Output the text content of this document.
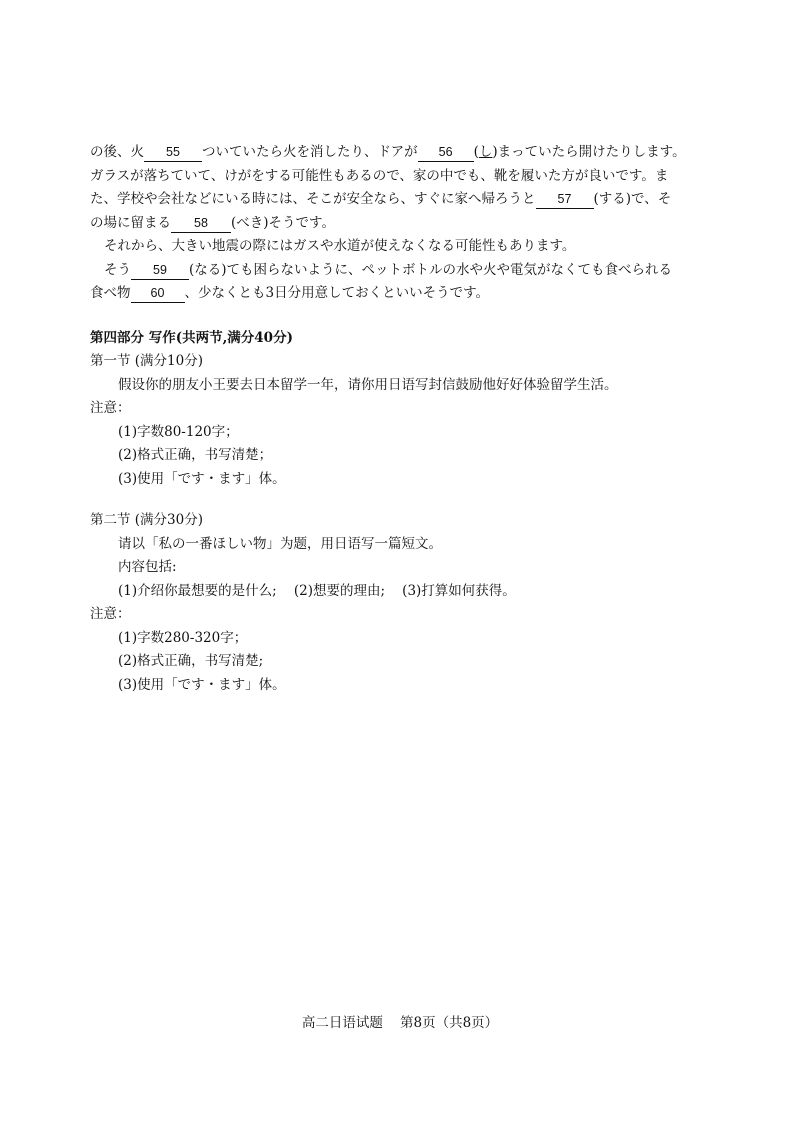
の後、火 55 ついていたら火を消したり、ドアが 56 (し)まっていたら開けたりします。
ガラスが落ちていて、けがをする可能性もあるので、家の中でも、靴を履いた方が良いです。ま
た、学校や会社などにいる時には、そこが安全なら、すぐに家へ帰ろうと 57 (する)で、そ
の場に留まる 58 (べき)そうです。
それから、大きい地震の際にはガスや水道が使えなくなる可能性もあります。
そう 59 (なる)ても困らないように、ペットボトルの水や火や電気がなくても食べられる
食べ物 60 、少なくとも3日分用意しておくといいそうです。
第四部分 写作(共两节,满分40分)
第一节 (满分10分)
假设你的朋友小王要去日本留学一年，请你用日语写封信鼓励他好好体验留学生活。
注意：
(1)字数80-120字；
(2)格式正确，书写清楚；
(3)使用「です・ます」体。
第二节 (满分30分)
请以「私の一番ほしい物」为题，用日语写一篇短文。
内容包括:
(1)介绍你最想要的是什么;    (2)想要的理由;    (3)打算如何获得。
注意：
(1)字数280-320字；
(2)格式正确，书写清楚;
(3)使用「です・ます」体。
高二日语试题    第8页（共8页）
